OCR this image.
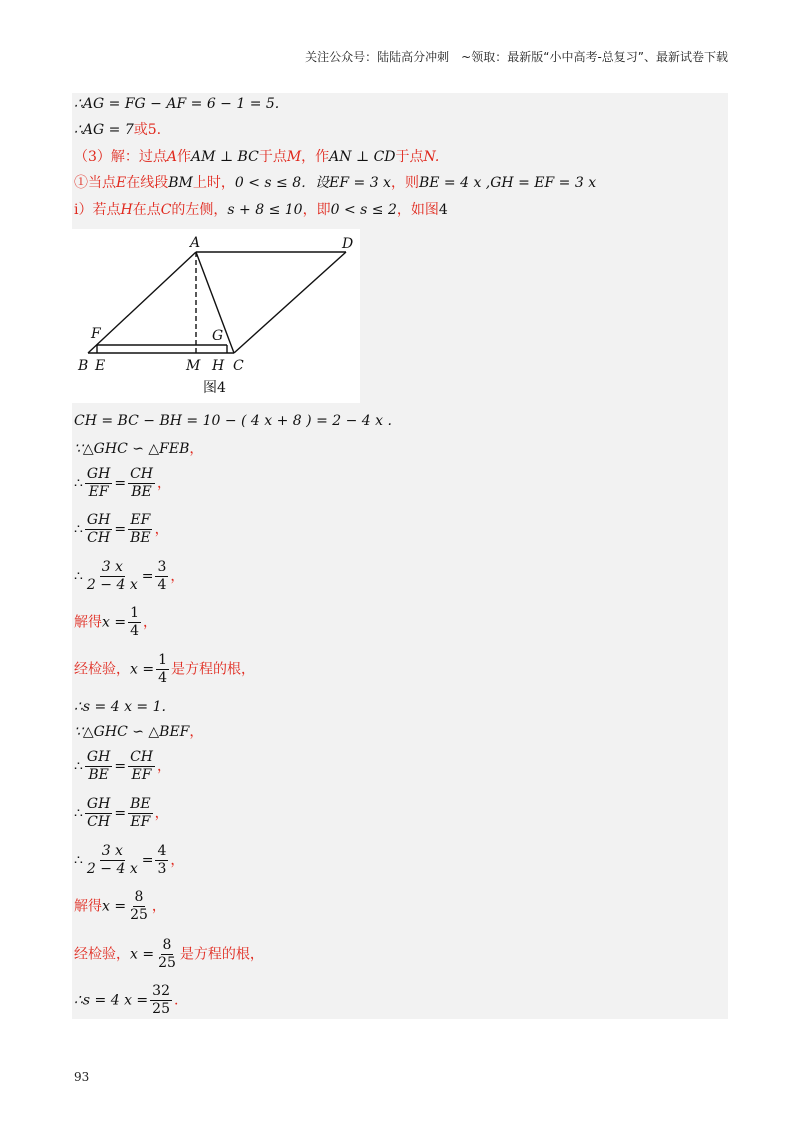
关注公众号：陆陆高分冲刺　~领取：最新版“小中高考-总复习”、最新试卷下载
∴AG = FG − AF = 6 − 1 = 5.
∴AG = 7或5.
（3）解：过点A作AM ⊥ BC于点M，作AN ⊥ CD于点N.
①当点E在线段BM上时，0 < s ≤ 8．设EF = 3 x，则BE = 4 x ,GH = EF = 3 x
ⅰ）若点H在点C的左侧，s + 8 ≤ 10，即0 < s ≤ 2，如图4
A	D
F	G
B E	M H C
图4
CH = BC − BH = 10 − ( 4 x + 8 ) = 2 − 4 x .
∵△GHC ∽ △FEB，
∴ $\frac{GH}{EF} = \frac{CH}{BE}$ ，
∴ $\frac{GH}{CH} = \frac{EF}{BE}$ ，
∴ $\frac{3 x}{2 - 4 x} = \frac{3}{4}$ ，
解得$x = \frac{1}{4}$ ，
经检验，$x = \frac{1}{4}$ 是方程的根，
∴s = 4 x = 1.
∵△GHC ∽ △BEF，
∴ $\frac{GH}{BE} = \frac{CH}{EF}$ ，
∴ $\frac{GH}{CH} = \frac{BE}{EF}$ ，
∴ $\frac{3 x}{2 - 4 x} = \frac{4}{3}$ ，
解得$x = \frac{8}{25}$ ，
经检验，$x = \frac{8}{25}$ 是方程的根，
∴s = 4 $x = \frac{32}{25}$ .
93
